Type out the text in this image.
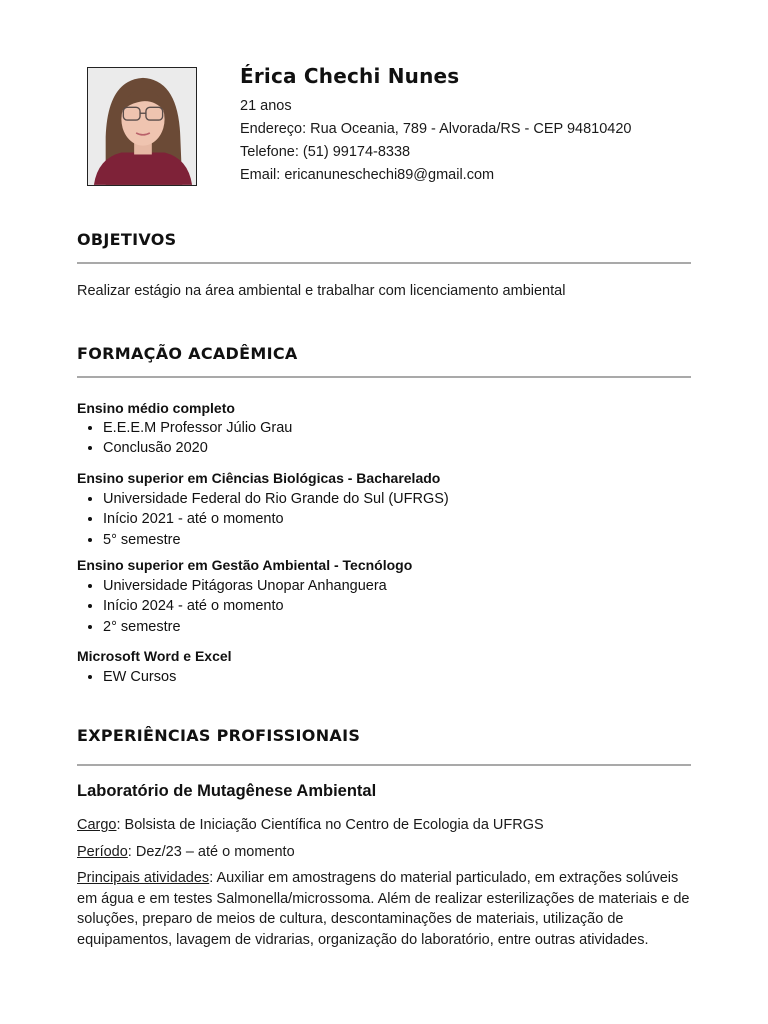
Érica Chechi Nunes
21 anos
Endereço: Rua Oceania, 789 - Alvorada/RS - CEP 94810420
Telefone: (51) 99174-8338
Email: ericanuneschechi89@gmail.com
OBJETIVOS
Realizar estágio na área ambiental e trabalhar com licenciamento ambiental
FORMAÇÃO ACADÊMICA
Ensino médio completo
• E.E.E.M Professor Júlio Grau
• Conclusão 2020
Ensino superior em Ciências Biológicas - Bacharelado
• Universidade Federal do Rio Grande do Sul (UFRGS)
• Início 2021 - até o momento
• 5° semestre
Ensino superior em Gestão Ambiental - Tecnólogo
• Universidade Pitágoras Unopar Anhanguera
• Início 2024 - até o momento
• 2° semestre
Microsoft Word e Excel
• EW Cursos
EXPERIÊNCIAS PROFISSIONAIS
Laboratório de Mutagênese Ambiental
Cargo: Bolsista de Iniciação Científica no Centro de Ecologia da UFRGS
Período: Dez/23 – até o momento
Principais atividades: Auxiliar em amostragens do material particulado, em extrações solúveis em água e em testes Salmonella/microssoma. Além de realizar esterilizações de materiais e de soluções, preparo de meios de cultura, descontaminações de materiais, utilização de equipamentos, lavagem de vidrarias, organização do laboratório, entre outras atividades.
